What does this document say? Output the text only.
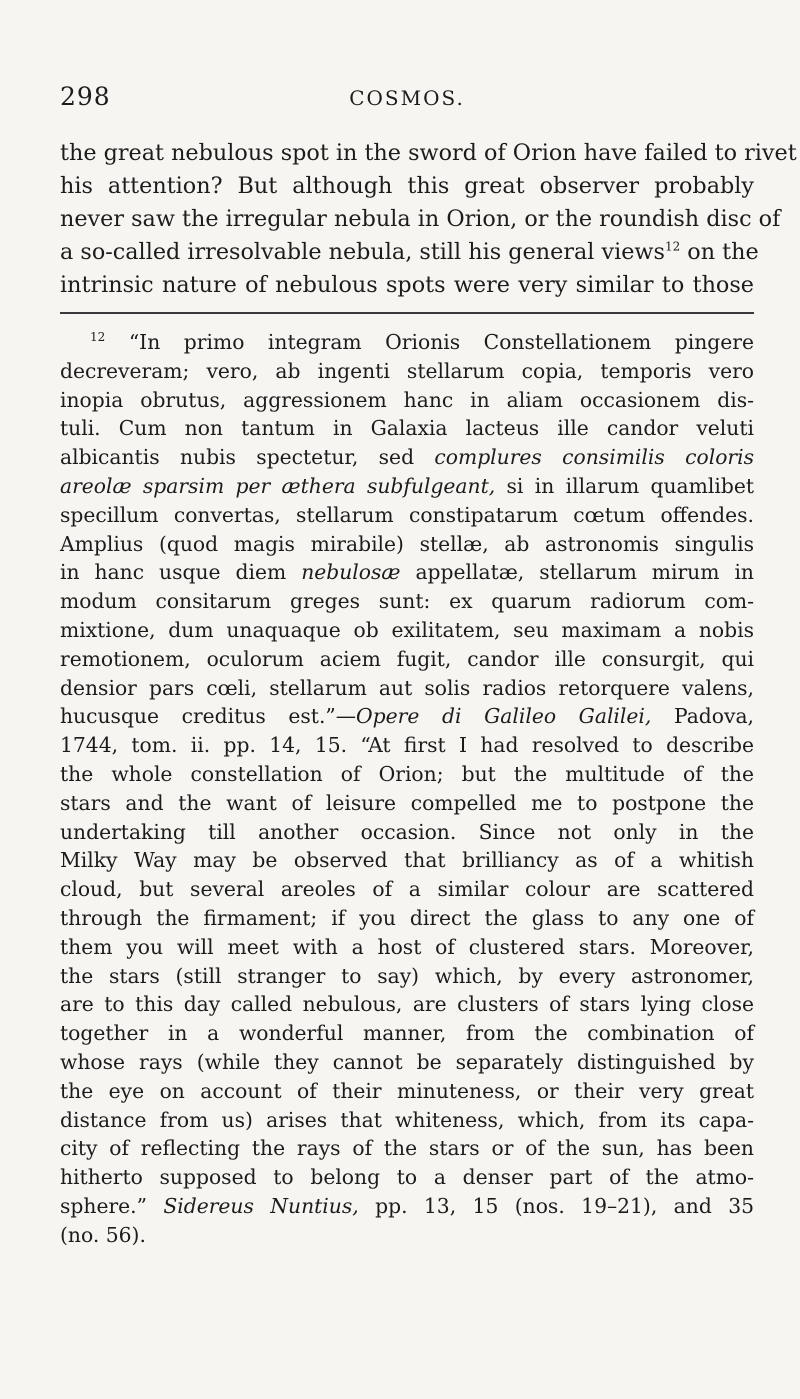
298	COSMOS.
the great nebulous spot in the sword of Orion have failed to rivet
his attention? But although this great observer probably
never saw the irregular nebula in Orion, or the roundish disc of
a so-called irresolvable nebula, still his general views$^{12}$ on the
intrinsic nature of nebulous spots were very similar to those
$^{12}$ “In primo integram Orionis Constellationem pingere
decreveram; vero, ab ingenti stellarum copia, temporis vero
inopia obrutus, aggressionem hanc in aliam occasionem dis-
tuli. Cum non tantum in Galaxia lacteus ille candor veluti
albicantis nubis spectetur, sed complures consimilis coloris
areolæ sparsim per æthera subfulgeant, si in illarum quamlibet
specillum convertas, stellarum constipatarum cœtum offendes.
Amplius (quod magis mirabile) stellæ, ab astronomis singulis
in hanc usque diem nebulosæ appellatæ, stellarum mirum in
modum consitarum greges sunt: ex quarum radiorum com-
mixtione, dum unaquaque ob exilitatem, seu maximam a nobis
remotionem, oculorum aciem fugit, candor ille consurgit, qui
densior pars cœli, stellarum aut solis radios retorquere valens,
hucusque creditus est.”—Opere di Galileo Galilei, Padova,
1744, tom. ii. pp. 14, 15. “At first I had resolved to describe
the whole constellation of Orion; but the multitude of the
stars and the want of leisure compelled me to postpone the
undertaking till another occasion. Since not only in the
Milky Way may be observed that brilliancy as of a whitish
cloud, but several areoles of a similar colour are scattered
through the firmament; if you direct the glass to any one of
them you will meet with a host of clustered stars. Moreover,
the stars (still stranger to say) which, by every astronomer,
are to this day called nebulous, are clusters of stars lying close
together in a wonderful manner, from the combination of
whose rays (while they cannot be separately distinguished by
the eye on account of their minuteness, or their very great
distance from us) arises that whiteness, which, from its capa-
city of reflecting the rays of the stars or of the sun, has been
hitherto supposed to belong to a denser part of the atmo-
sphere.” Sidereus Nuntius, pp. 13, 15 (nos. 19–21), and 35
(no. 56).
